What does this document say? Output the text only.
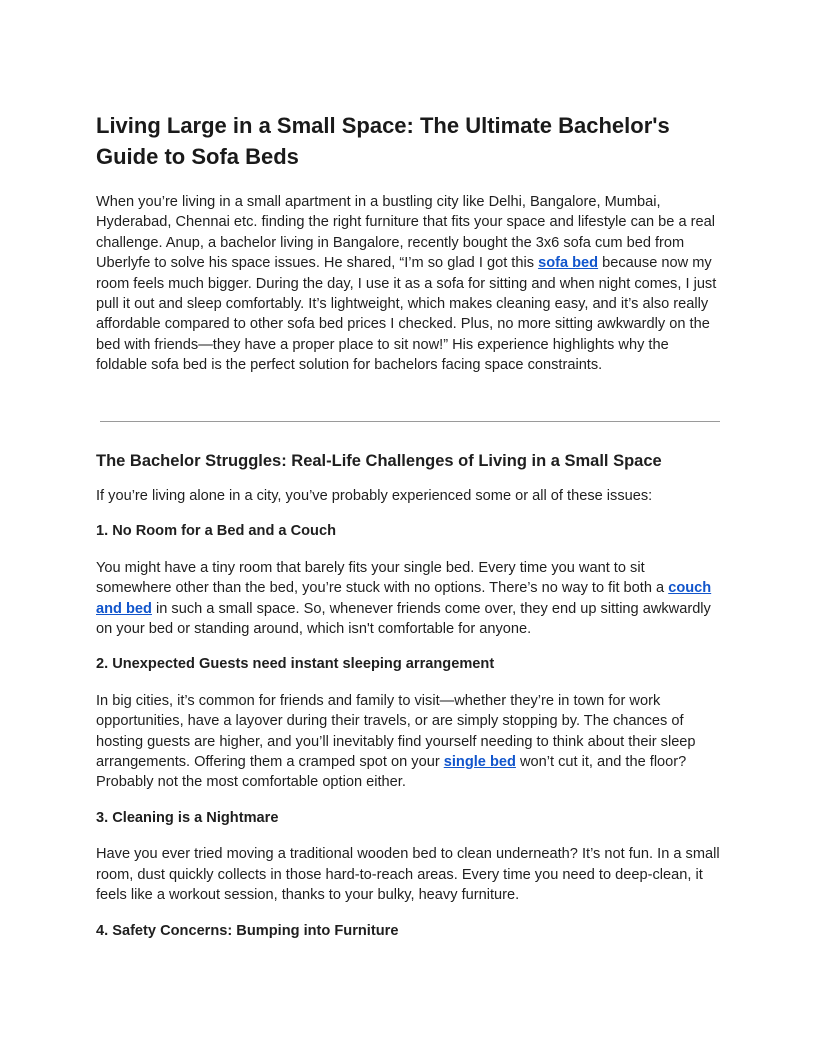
Living Large in a Small Space: The Ultimate Bachelor's Guide to Sofa Beds

When you’re living in a small apartment in a bustling city like Delhi, Bangalore, Mumbai, Hyderabad, Chennai etc. finding the right furniture that fits your space and lifestyle can be a real challenge. Anup, a bachelor living in Bangalore, recently bought the 3x6 sofa cum bed from Uberlyfe to solve his space issues. He shared, “I’m so glad I got this sofa bed because now my room feels much bigger. During the day, I use it as a sofa for sitting and when night comes, I just pull it out and sleep comfortably. It’s lightweight, which makes cleaning easy, and it’s also really affordable compared to other sofa bed prices I checked. Plus, no more sitting awkwardly on the bed with friends—they have a proper place to sit now!” His experience highlights why the foldable sofa bed is the perfect solution for bachelors facing space constraints.

The Bachelor Struggles: Real-Life Challenges of Living in a Small Space

If you’re living alone in a city, you’ve probably experienced some or all of these issues:

1. No Room for a Bed and a Couch

You might have a tiny room that barely fits your single bed. Every time you want to sit somewhere other than the bed, you’re stuck with no options. There’s no way to fit both a couch and bed in such a small space. So, whenever friends come over, they end up sitting awkwardly on your bed or standing around, which isn't comfortable for anyone.

2. Unexpected Guests need instant sleeping arrangement

In big cities, it’s common for friends and family to visit—whether they’re in town for work opportunities, have a layover during their travels, or are simply stopping by. The chances of hosting guests are higher, and you’ll inevitably find yourself needing to think about their sleep arrangements. Offering them a cramped spot on your single bed won’t cut it, and the floor? Probably not the most comfortable option either.

3. Cleaning is a Nightmare

Have you ever tried moving a traditional wooden bed to clean underneath? It’s not fun. In a small room, dust quickly collects in those hard-to-reach areas. Every time you need to deep-clean, it feels like a workout session, thanks to your bulky, heavy furniture.

4. Safety Concerns: Bumping into Furniture
